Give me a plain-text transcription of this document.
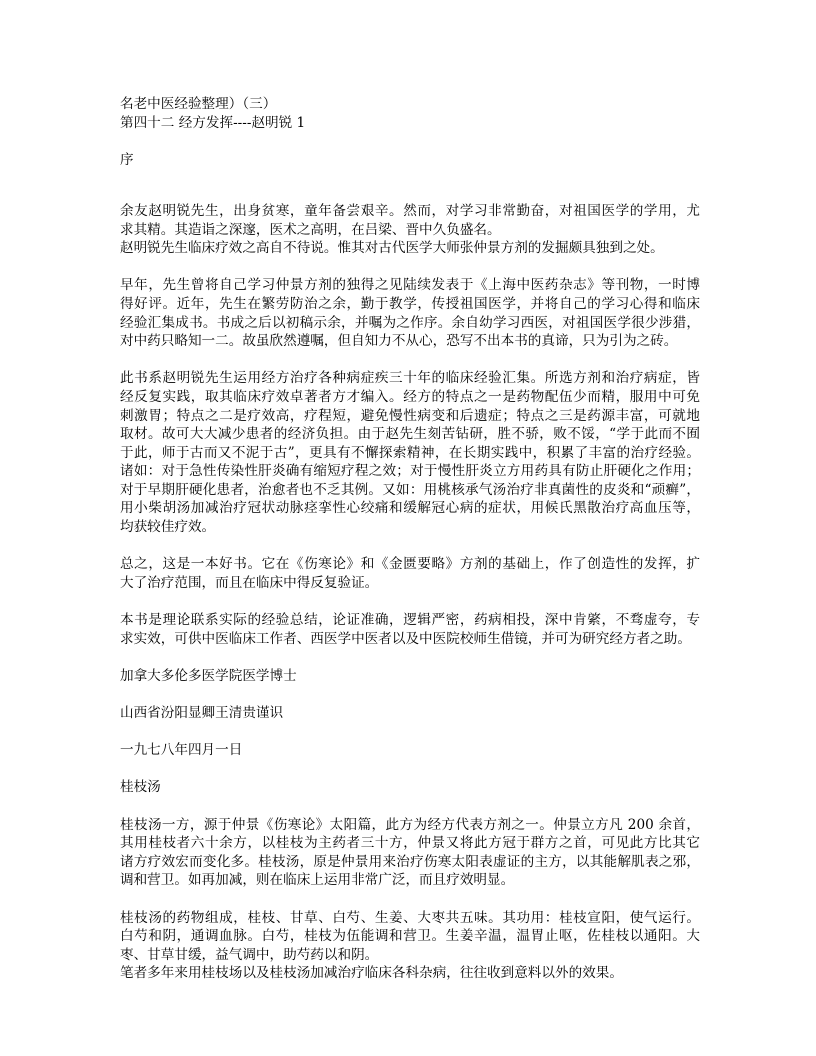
名老中医经验整理）（三）
第四十二 经方发挥----赵明锐 1
序
余友赵明锐先生，出身贫寒，童年备尝艰辛。然而，对学习非常勤奋，对祖国医学的学用，尤
求其精。其造诣之深邃，医术之高明，在吕梁、晋中久负盛名。
赵明锐先生临床疗效之高自不待说。惟其对古代医学大师张仲景方剂的发掘颇具独到之处。
早年，先生曾将自己学习仲景方剂的独得之见陆续发表于《上海中医药杂志》等刊物，一时博
得好评。近年，先生在繁劳防治之余，勤于教学，传授祖国医学，并将自己的学习心得和临床
经验汇集成书。书成之后以初稿示余，并嘱为之作序。余自幼学习西医，对祖国医学很少涉猎，
对中药只略知一二。故虽欣然遵嘱，但自知力不从心，恐写不出本书的真谛，只为引为之砖。
此书系赵明锐先生运用经方治疗各种病症疾三十年的临床经验汇集。所选方剂和治疗病症，皆
经反复实践，取其临床疗效卓著者方才编入。经方的特点之一是药物配伍少而精，服用中可免
刺激胃；特点之二是疗效高，疗程短，避免慢性病变和后遗症；特点之三是药源丰富，可就地
取材。故可大大减少患者的经济负担。由于赵先生刻苦钻研，胜不骄，败不馁，“学于此而不囿
于此，师于古而又不泥于古”，更具有不懈探索精神，在长期实践中，积累了丰富的治疗经验。
诸如：对于急性传染性肝炎确有缩短疗程之效；对于慢性肝炎立方用药具有防止肝硬化之作用；
对于早期肝硬化患者，治愈者也不乏其例。又如：用桃核承气汤治疗非真菌性的皮炎和“顽癣”，
用小柴胡汤加减治疗冠状动脉痉挛性心绞痛和缓解冠心病的症状，用候氏黑散治疗高血压等，
均获较佳疗效。
总之，这是一本好书。它在《伤寒论》和《金匮要略》方剂的基础上，作了创造性的发挥，扩
大了治疗范围，而且在临床中得反复验证。
本书是理论联系实际的经验总结，论证准确，逻辑严密，药病相投，深中肯綮，不骛虚夸，专
求实效，可供中医临床工作者、西医学中医者以及中医院校师生借镜，并可为研究经方者之助。
加拿大多伦多医学院医学博士
山西省汾阳显卿王清贵谨识
一九七八年四月一日
桂枝汤
桂枝汤一方，源于仲景《伤寒论》太阳篇，此方为经方代表方剂之一。仲景立方凡 200 余首，
其用桂枝者六十余方，以桂枝为主药者三十方，仲景又将此方冠于群方之首，可见此方比其它
诸方疗效宏而变化多。桂枝汤，原是仲景用来治疗伤寒太阳表虚证的主方，以其能解肌表之邪，
调和营卫。如再加减，则在临床上运用非常广泛，而且疗效明显。
桂枝汤的药物组成，桂枝、甘草、白芍、生姜、大枣共五味。其功用：桂枝宣阳，使气运行。
白芍和阴，通调血脉。白芍，桂枝为伍能调和营卫。生姜辛温，温胃止呕，佐桂枝以通阳。大
枣、甘草甘缓，益气调中，助芍药以和阴。
笔者多年来用桂枝场以及桂枝汤加减治疗临床各科杂病，往往收到意料以外的效果。
